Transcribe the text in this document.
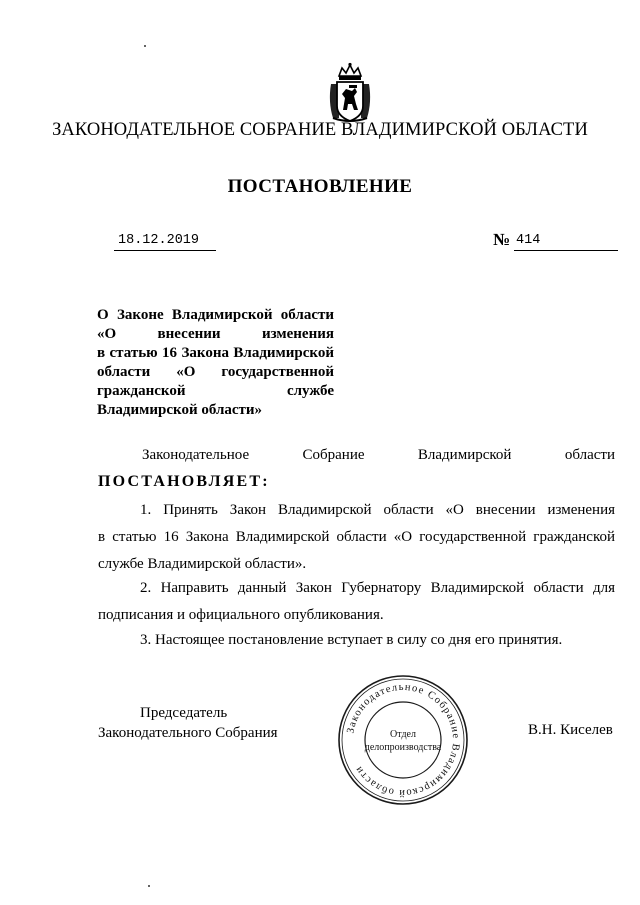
ЗАКОНОДАТЕЛЬНОЕ СОБРАНИЕ ВЛАДИМИРСКОЙ ОБЛАСТИ
ПОСТАНОВЛЕНИЕ
18.12.2019	№ 414
О Законе Владимирской области
«О внесении изменения
в статью 16 Закона Владимирской
области «О государственной
гражданской службе
Владимирской области»
Законодательное	Собрание	Владимирской	области
ПОСТАНОВЛЯЕТ:
1. Принять Закон Владимирской области «О внесении изменения
в статью 16 Закона Владимирской области «О государственной гражданской
службе Владимирской области».
2. Направить данный Закон Губернатору Владимирской области для
подписания и официального опубликования.
3. Настоящее постановление вступает в силу со дня его принятия.
Председатель
Законодательного Собрания	В.Н. Киселев
Законодательное Собрание Владимирской области
Отдел
делопроизводства
